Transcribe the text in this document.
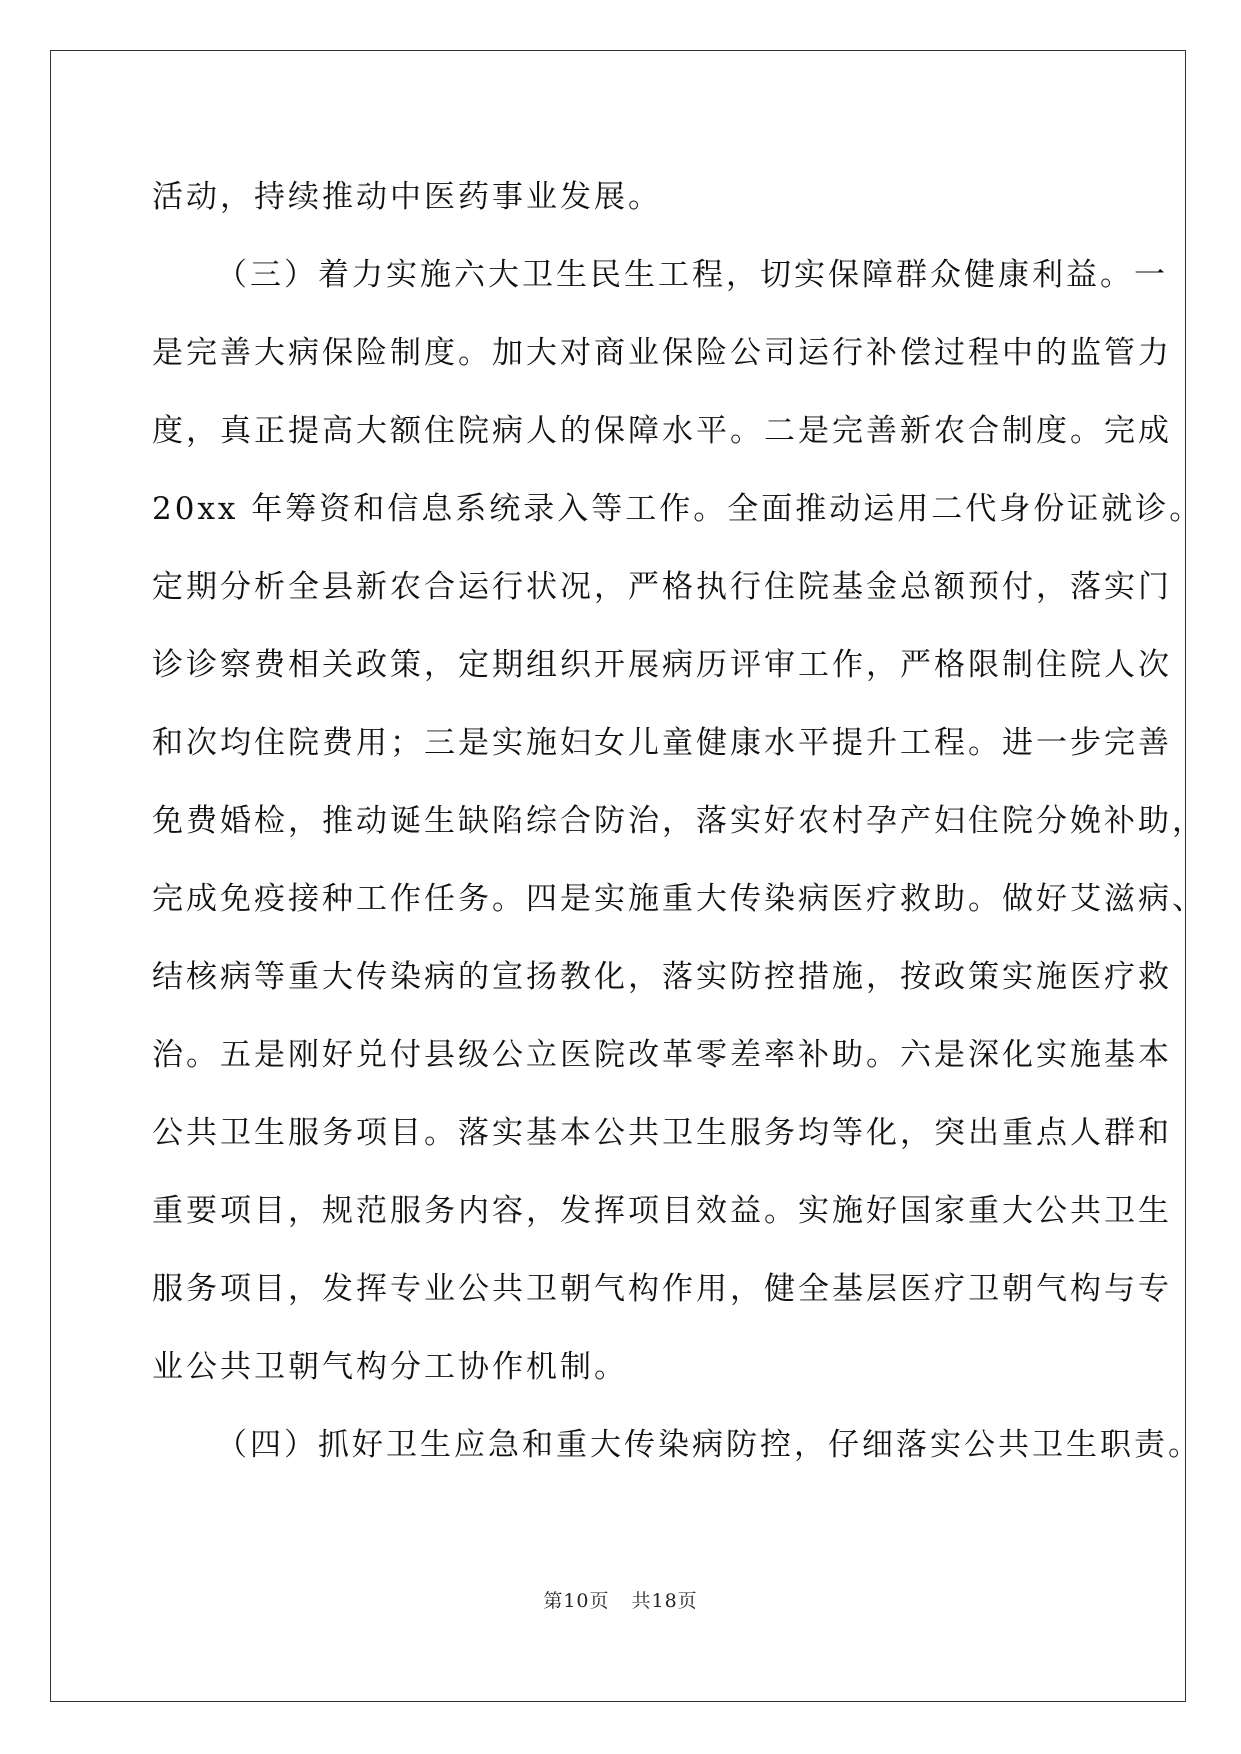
活动，持续推动中医药事业发展。
（三）着力实施六大卫生民生工程，切实保障群众健康利益。一
是完善大病保险制度。加大对商业保险公司运行补偿过程中的监管力
度，真正提高大额住院病人的保障水平。二是完善新农合制度。完成
20xx 年筹资和信息系统录入等工作。全面推动运用二代身份证就诊。
定期分析全县新农合运行状况，严格执行住院基金总额预付，落实门
诊诊察费相关政策，定期组织开展病历评审工作，严格限制住院人次
和次均住院费用；三是实施妇女儿童健康水平提升工程。进一步完善
免费婚检，推动诞生缺陷综合防治，落实好农村孕产妇住院分娩补助，
完成免疫接种工作任务。四是实施重大传染病医疗救助。做好艾滋病、
结核病等重大传染病的宣扬教化，落实防控措施，按政策实施医疗救
治。五是刚好兑付县级公立医院改革零差率补助。六是深化实施基本
公共卫生服务项目。落实基本公共卫生服务均等化，突出重点人群和
重要项目，规范服务内容，发挥项目效益。实施好国家重大公共卫生
服务项目，发挥专业公共卫朝气构作用，健全基层医疗卫朝气构与专
业公共卫朝气构分工协作机制。
（四）抓好卫生应急和重大传染病防控，仔细落实公共卫生职责。
第10页 共18页
